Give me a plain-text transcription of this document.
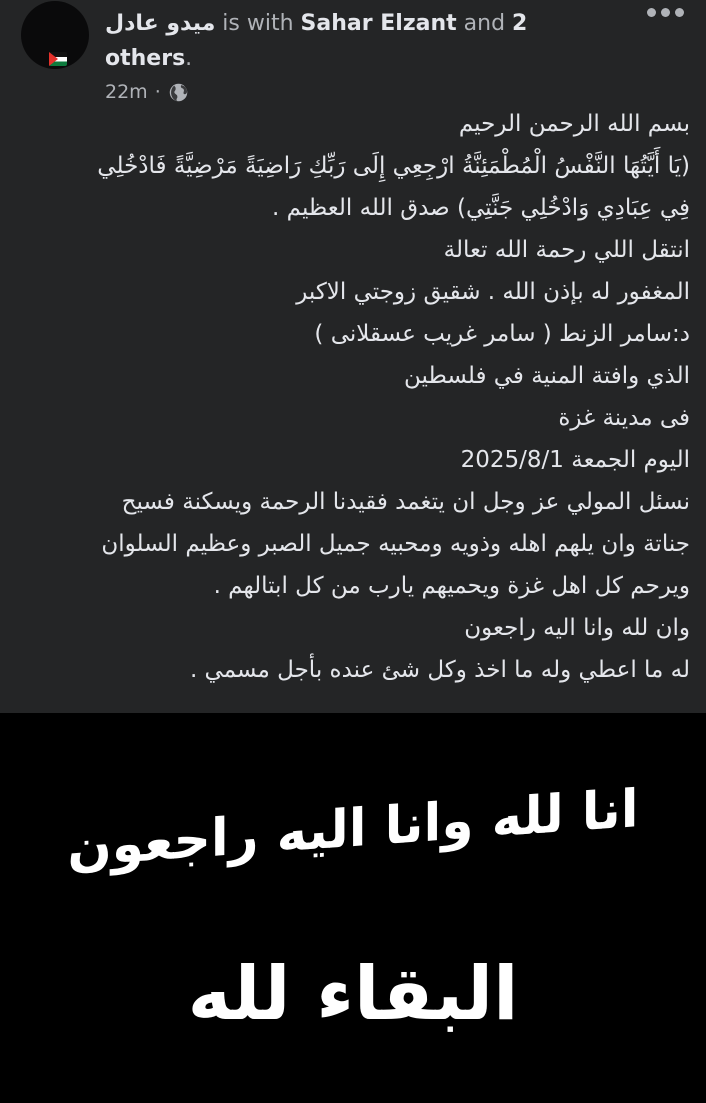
ميدو عادل is with Sahar Elzant and 2
others.
22m ·
بسم الله الرحمن الرحيم
(يَا أَيَّتُهَا النَّفْسُ الْمُطْمَئِنَّةُ ارْجِعِي إِلَى رَبِّكِ رَاضِيَةً مَرْضِيَّةً فَادْخُلِي
فِي عِبَادِي وَادْخُلِي جَنَّتِي) صدق الله العظيم .
انتقل اللي رحمة الله تعالة
المغفور له بإذن الله . شقيق زوجتي الاكبر
د:سامر الزنط ( سامر غريب عسقلانى )
الذي وافتة المنية في فلسطين
فى مدينة غزة
اليوم الجمعة 2025/8/1
نسئل المولي عز وجل ان يتغمد فقيدنا الرحمة ويسكنة فسيح
جناتة وان يلهم اهله وذويه ومحبيه جميل الصبر وعظيم السلوان
ويرحم كل اهل غزة ويحميهم يارب من كل ابتالهم .
وان لله وانا اليه راجعون
له ما اعطي وله ما اخذ وكل شئ عنده بأجل مسمي .
انا لله وانا اليه راجعون
البقاء لله
